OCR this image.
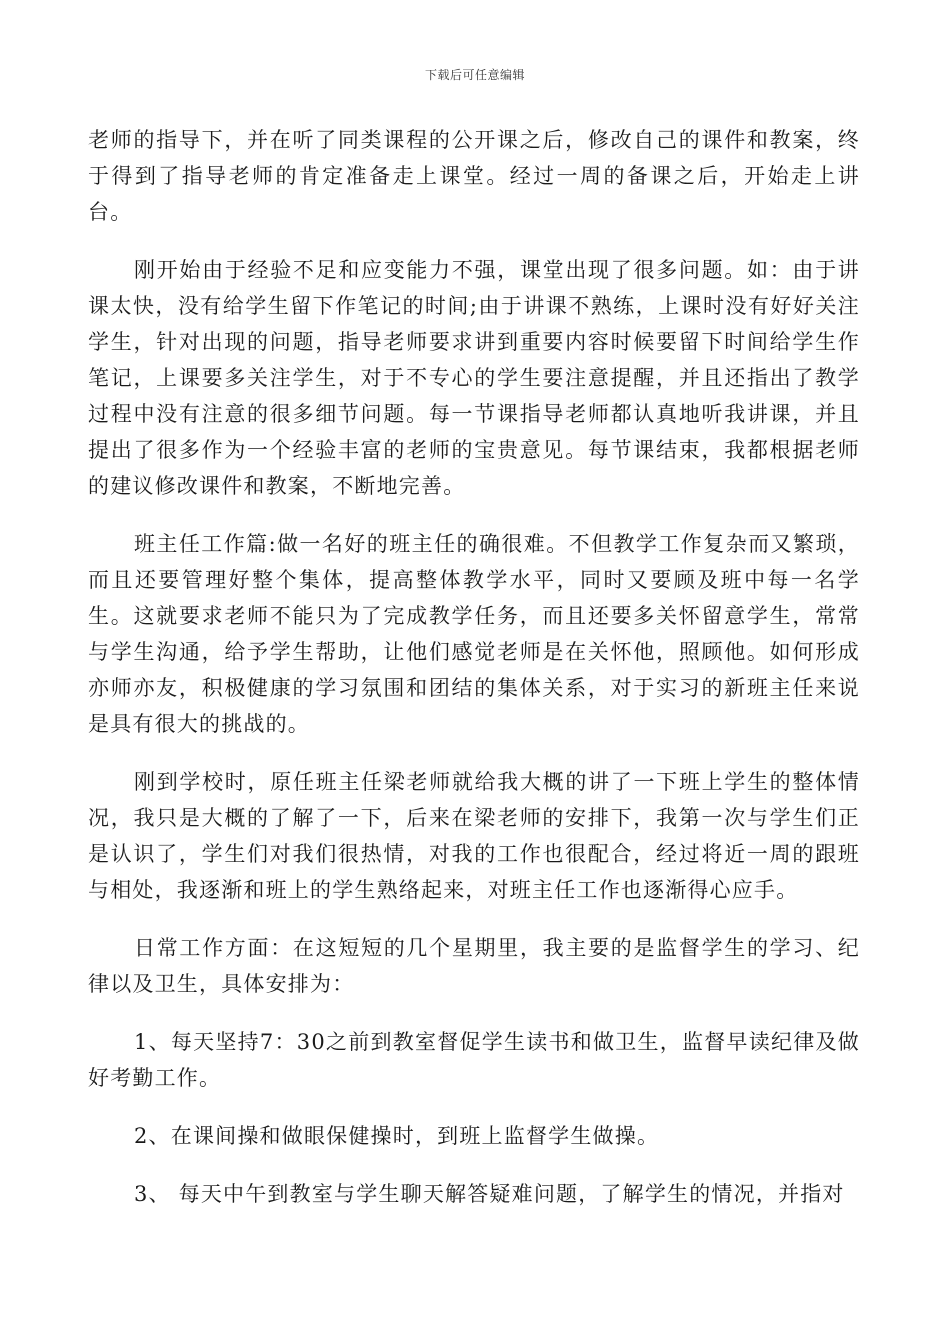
下载后可任意编辑

老师的指导下，并在听了同类课程的公开课之后，修改自己的课件和教案，终于得到了指导老师的肯定准备走上课堂。经过一周的备课之后，开始走上讲台。

刚开始由于经验不足和应变能力不强，课堂出现了很多问题。如：由于讲课太快，没有给学生留下作笔记的时间;由于讲课不熟练，上课时没有好好关注学生，针对出现的问题，指导老师要求讲到重要内容时候要留下时间给学生作笔记，上课要多关注学生，对于不专心的学生要注意提醒，并且还指出了教学过程中没有注意的很多细节问题。每一节课指导老师都认真地听我讲课，并且提出了很多作为一个经验丰富的老师的宝贵意见。每节课结束，我都根据老师的建议修改课件和教案，不断地完善。

班主任工作篇:做一名好的班主任的确很难。不但教学工作复杂而又繁琐，而且还要管理好整个集体，提高整体教学水平，同时又要顾及班中每一名学生。这就要求老师不能只为了完成教学任务，而且还要多关怀留意学生，常常与学生沟通，给予学生帮助，让他们感觉老师是在关怀他，照顾他。如何形成亦师亦友，积极健康的学习氛围和团结的集体关系，对于实习的新班主任来说是具有很大的挑战的。

刚到学校时，原任班主任梁老师就给我大概的讲了一下班上学生的整体情况，我只是大概的了解了一下，后来在梁老师的安排下，我第一次与学生们正是认识了，学生们对我们很热情，对我的工作也很配合，经过将近一周的跟班与相处，我逐渐和班上的学生熟络起来，对班主任工作也逐渐得心应手。

日常工作方面：在这短短的几个星期里，我主要的是监督学生的学习、纪律以及卫生，具体安排为：

1、每天坚持7：30之前到教室督促学生读书和做卫生，监督早读纪律及做好考勤工作。

2、在课间操和做眼保健操时，到班上监督学生做操。

3、 每天中午到教室与学生聊天解答疑难问题，了解学生的情况，并指对
